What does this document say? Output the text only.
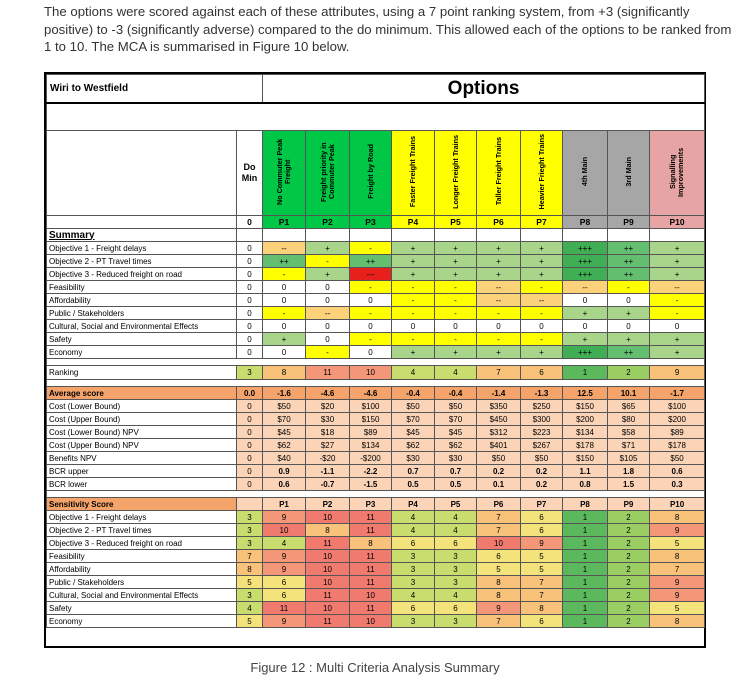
The options were scored against each of these attributes, using a 7 point ranking system, from +3 (significantly positive) to -3 (significantly adverse) compared to the do minimum. This allowed each of the options to be ranked from 1 to 10. The MCA is summarised in Figure 10 below.
Wiri to Westfield		Options									

	Do Min	No Commuter Peak Freight	Freight priority in Commuter Peak	Freight by Road	Faster Freight Trains	Longer Freight Trains	Taller Freight Trains	Heavier Frieght Trains	4th Main	3rd Main	Signalling Improvements
	0	P1	P2	P3	P4	P5	P6	P7	P8	P9	P10
Summary											
Objective 1 - Freight delays	0	--	+	-	+	+	+	+	+++	++	+
Objective 2 - PT Travel times	0	++	-	++	+	+	+	+	+++	++	+
Objective 3 - Reduced freight on road	0	-	+	---	+	+	+	+	+++	++	+
Feasibility	0	0	0	-	-	-	--	-	--	-	--
Affordability	0	0	0	0	-	-	--	--	0	0	-
Public / Stakeholders	0	-	--	-	-	-	-	-	+	+	-
Cultural, Social and Environmental Effects	0	0	0	0	0	0	0	0	0	0	0
Safety	0	+	0	-	-	-	-	-	+	+	+
Economy	0	0	-	0	+	+	+	+	+++	++	+

Ranking	3	8	11	10	4	4	7	6	1	2	9

Average score	0.0	-1.6	-4.6	-4.6	-0.4	-0.4	-1.4	-1.3	12.5	10.1	-1.7
Cost (Lower Bound)	0	$50	$20	$100	$50	$50	$350	$250	$150	$65	$100
Cost (Upper Bound)	0	$70	$30	$150	$70	$70	$450	$300	$200	$80	$200
Cost (Lower Bound) NPV	0	$45	$18	$89	$45	$45	$312	$223	$134	$58	$89
Cost (Upper Bound) NPV	0	$62	$27	$134	$62	$62	$401	$267	$178	$71	$178
Benefits NPV	0	$40	-$20	-$200	$30	$30	$50	$50	$150	$105	$50
BCR upper	0	0.9	-1.1	-2.2	0.7	0.7	0.2	0.2	1.1	1.8	0.6
BCR lower	0	0.6	-0.7	-1.5	0.5	0.5	0.1	0.2	0.8	1.5	0.3

Sensitivity Score		P1	P2	P3	P4	P5	P6	P7	P8	P9	P10
Objective 1 - Freight delays	3	9	10	11	4	4	7	6	1	2	8
Objective 2 - PT Travel times	3	10	8	11	4	4	7	6	1	2	9
Objective 3 - Reduced freight on road	3	4	11	8	6	6	10	9	1	2	5
Feasibility	7	9	10	11	3	3	6	5	1	2	8
Affordability	8	9	10	11	3	3	5	5	1	2	7
Public / Stakeholders	5	6	10	11	3	3	8	7	1	2	9
Cultural, Social and Environmental Effects	3	6	11	10	4	4	8	7	1	2	9
Safety	4	11	10	11	6	6	9	8	1	2	5
Economy	5	9	11	10	3	3	7	6	1	2	8
Figure 12 : Multi Criteria Analysis Summary
